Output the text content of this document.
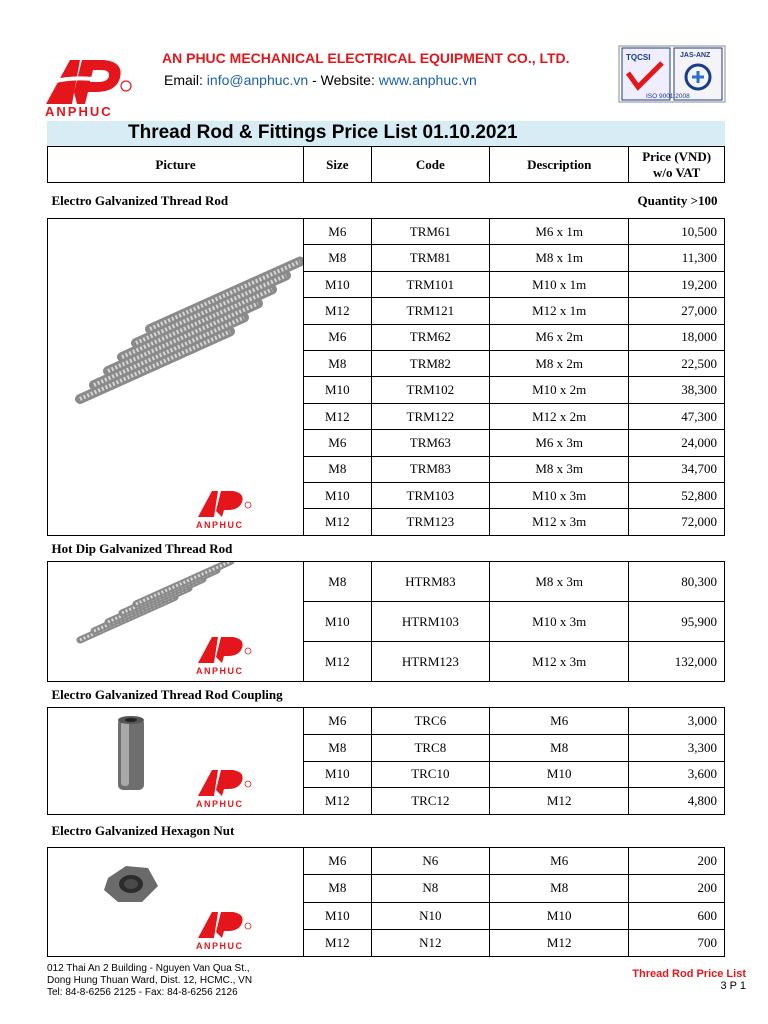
ANPHUC
AN PHUC MECHANICAL ELECTRICAL EQUIPMENT CO., LTD.
Email: info@anphuc.vn - Website: www.anphuc.vn
TQCSI	JAS-ANZ
ISO 9001:2008
Thread Rod & Fittings Price List 01.10.2021
Picture	Size	Code	Description	Price (VND)
w/o VAT
Electro Galvanized Thread Rod				Quantity >100

ANPHUC	M6	TRM61	M6 x 1m	10,500
	M8	TRM81	M8 x 1m	11,300
	M10	TRM101	M10 x 1m	19,200
	M12	TRM121	M12 x 1m	27,000
	M6	TRM62	M6 x 2m	18,000
	M8	TRM82	M8 x 2m	22,500
	M10	TRM102	M10 x 2m	38,300
	M12	TRM122	M12 x 2m	47,300
	M6	TRM63	M6 x 3m	24,000
	M8	TRM83	M8 x 3m	34,700
	M10	TRM103	M10 x 3m	52,800
	M12	TRM123	M12 x 3m	72,000
Hot Dip Galvanized Thread Rod				

ANPHUC	M8	HTRM83	M8 x 3m	80,300
	M10	HTRM103	M10 x 3m	95,900
	M12	HTRM123	M12 x 3m	132,000
Electro Galvanized Thread Rod Coupling				

ANPHUC	M6	TRC6	M6	3,000
	M8	TRC8	M8	3,300
	M10	TRC10	M10	3,600
	M12	TRC12	M12	4,800
Electro Galvanized Hexagon Nut				

ANPHUC	M6	N6	M6	200
	M8	N8	M8	200
	M10	N10	M10	600
	M12	N12	M12	700
012 Thai An 2 Building - Nguyen Van Qua St.,
Dong Hung Thuan Ward, Dist. 12, HCMC., VN
Tel: 84-8-6256 2125 - Fax: 84-8-6256 2126
Thread Rod Price List
3 P 1
